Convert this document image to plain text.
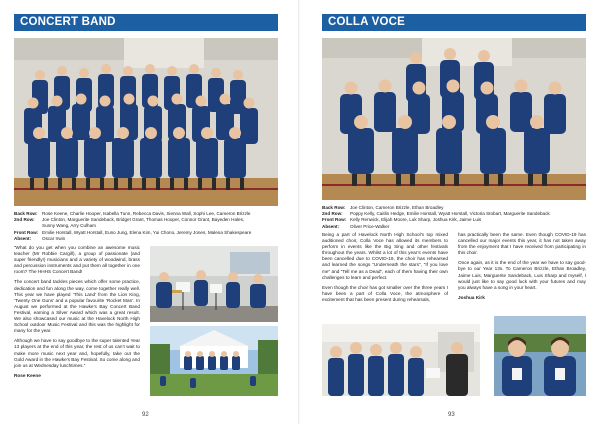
CONCERT BAND
Back Row: Rose Keene, Charlie Hooper, Isabella Tunn, Rebecca Davis, Sienna Wall, Sophi Lee, Cameron Brizzle
2nd Row:	Joe Clinton, Marguerite Sandeback, Bridget Grant, Thomas Hooper, Connor Grant, Bayeden Hales,
Sunny Wang, Arry Culham
Front Row: Emilie Horstall, Wyatt Horstall, Euno Jung, Elena Kim, Yui Chono, Jeremy Jones, Malena Shakespeare
Absent:	Oscar Irwin

“What do you get when you combine an awesome music teacher (Mr Robbie Cargill), a group of passionate (and super friendly!) musicians and a variety of woodwind, brass and percussion instruments and put them all together in one room? The HHHS Concert Band!

The concert band tackles pieces which offer some practice, dedication and fun along the way, come together really well. This year we have played ‘This Land’ from the Lion King, ‘Twenty One Guns’ and a popular favourite ‘Rocket Man’. In August we performed at the Hawke’s Bay Concert Band Festival, earning a Silver Award which was a great result. We also showcased our music at the Havelock North High School outdoor Music Festival and this was the highlight for many for the year.

Although we have to say goodbye to the super talented Year 13 players at the end of this year, the rest of us can’t wait to make more music next year and, hopefully, take out the Gold Award in the Hawke’s Bay Festival. So come along and join us at Wednesday lunchtimes.”

Rose Keene
92
COLLA VOCE
Back Row: Joe Clinton, Cameron Brizzle, Ethan Broadley
2nd Row:	Poppy Kelly, Caitlin Hedge, Emilie Horstall, Wyatt Horstall, Victoria Stobart, Marguerite Sandeback
Front Row: Kelly Renwick, Elijah Moore, Luk Sharp, Joshua Kirk, Jaime Luis
Absent:	Oliver Price-Walker

Being a part of Havelock North High School’s top mixed auditioned choir, Colla Voce has allowed its members to perform in events like the Big Sing and other festivals throughout the years. Whilst a lot of this year’s events have been cancelled due to COVID-19, the choir has rehearsed and learned the songs “Underneath the stars”, “If you love me” and “Tell me as a Dead”, each of them having their own challenges to learn and perfect.

Even though the choir has got smaller over the three years I have been a part of Colla Voce, the atmosphere of excitement that has been present during rehearsals,

has practically been the same. Even though COVID-19 has cancelled our major events this year, it has not taken away from the enjoyment that I have received from participating in this choir.

Once again, as it is the end of the year we have to say good-bye to our Year 13s. To Cameron Brizzle, Ethan Broadley, Jaime Luis, Marguerite Sandeback, Luis Sharp and myself, I would just like to say good luck with your futures and may you always have a song in your heart.

Joshua Kirk
93
